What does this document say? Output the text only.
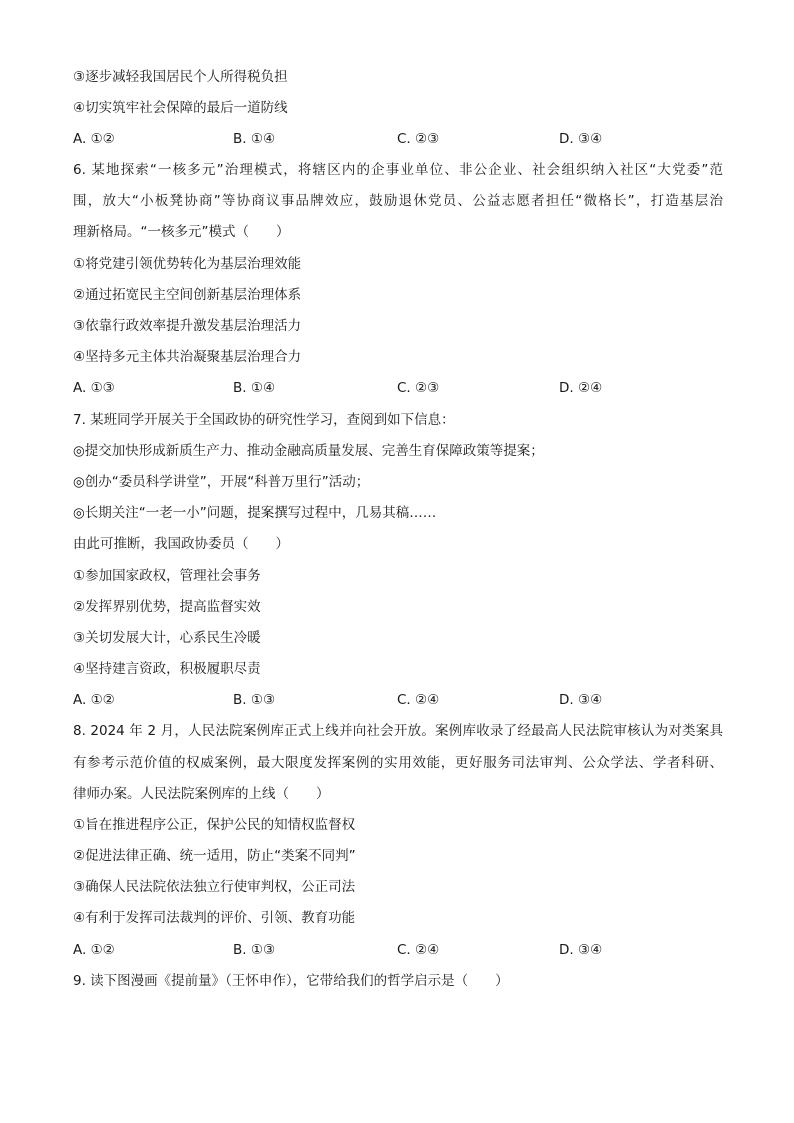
③逐步减轻我国居民个人所得税负担
④切实筑牢社会保障的最后一道防线
A. ①②	B. ①④	C. ②③	D. ③④
6. 某地探索“一核多元”治理模式，将辖区内的企事业单位、非公企业、社会组织纳入社区“大党委”范
围，放大“小板凳协商”等协商议事品牌效应，鼓励退休党员、公益志愿者担任“微格长”，打造基层治
理新格局。“一核多元”模式（　　）
①将党建引领优势转化为基层治理效能
②通过拓宽民主空间创新基层治理体系
③依靠行政效率提升激发基层治理活力
④坚持多元主体共治凝聚基层治理合力
A. ①③	B. ①④	C. ②③	D. ②④
7. 某班同学开展关于全国政协的研究性学习，查阅到如下信息：
◎提交加快形成新质生产力、推动金融高质量发展、完善生育保障政策等提案；
◎创办“委员科学讲堂”，开展“科普万里行”活动；
◎长期关注“一老一小”问题，提案撰写过程中，几易其稿……
由此可推断，我国政协委员（　　）
①参加国家政权，管理社会事务
②发挥界别优势，提高监督实效
③关切发展大计，心系民生冷暖
④坚持建言资政，积极履职尽责
A. ①②	B. ①③	C. ②④	D. ③④
8. 2024 年 2 月，人民法院案例库正式上线并向社会开放。案例库收录了经最高人民法院审核认为对类案具
有参考示范价值的权威案例，最大限度发挥案例的实用效能，更好服务司法审判、公众学法、学者科研、
律师办案。人民法院案例库的上线（　　）
①旨在推进程序公正，保护公民的知情权监督权
②促进法律正确、统一适用，防止“类案不同判”
③确保人民法院依法独立行使审判权，公正司法
④有利于发挥司法裁判的评价、引领、教育功能
A. ①②	B. ①③	C. ②④	D. ③④
9. 读下图漫画《提前量》（王怀申作），它带给我们的哲学启示是（　　）
